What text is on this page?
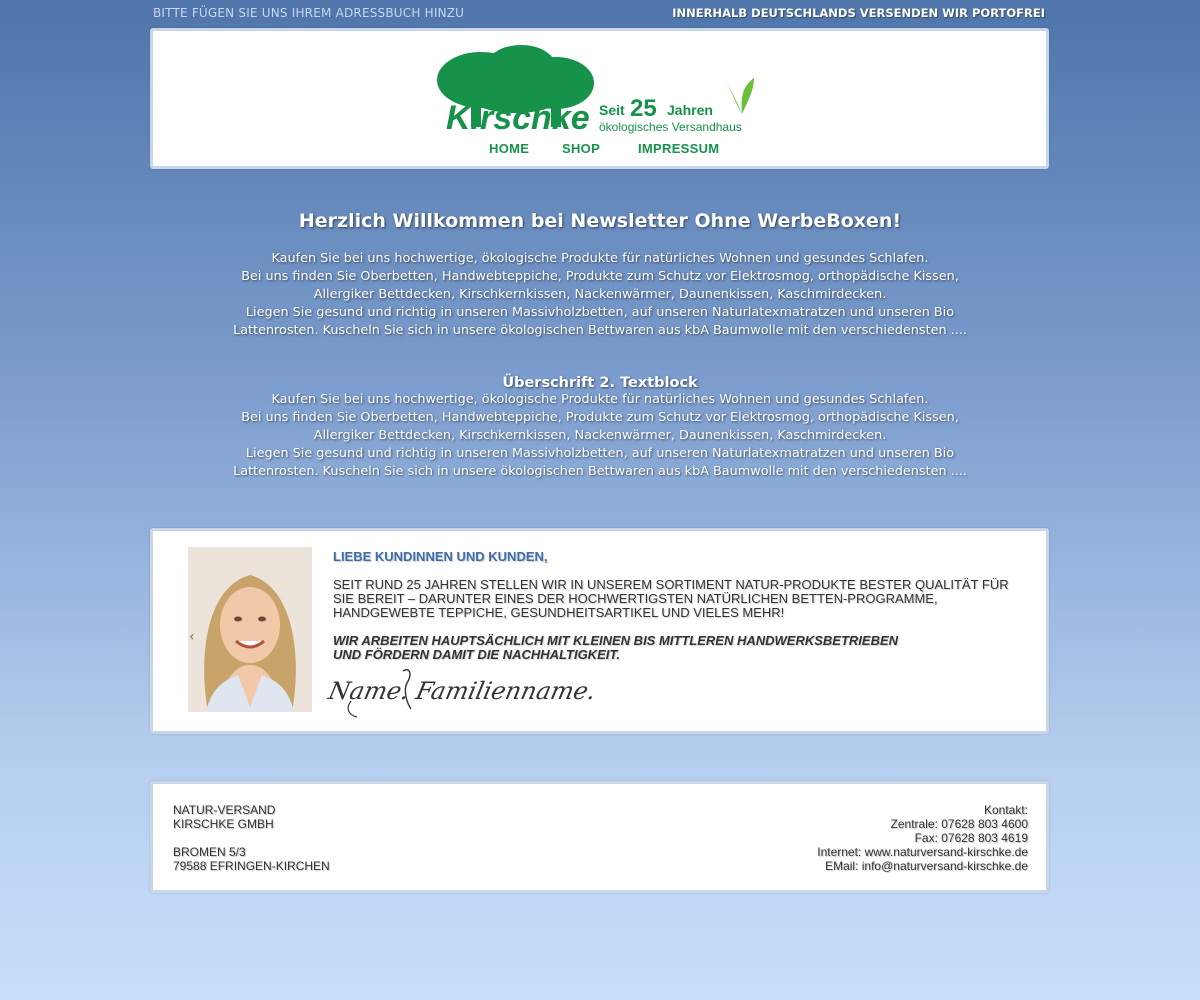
BITTE FÜGEN SIE UNS IHREM ADRESSBUCH HINZU	INNERHALB DEUTSCHLANDS VERSENDEN WIR PORTOFREI
Kirschke Seit 25 Jahren
ökologisches Versandhaus
HOME	SHOP	IMPRESSUM
Herzlich Willkommen bei Newsletter Ohne WerbeBoxen!

Kaufen Sie bei uns hochwertige, ökologische Produkte für natürliches Wohnen und gesundes Schlafen.

Bei uns finden Sie Oberbetten, Handwebteppiche, Produkte zum Schutz vor Elektrosmog, orthopädische Kissen,

Allergiker Bettdecken, Kirschkernkissen, Nackenwärmer, Daunenkissen, Kaschmirdecken.

Liegen Sie gesund und richtig in unseren Massivholzbetten, auf unseren Naturlatexmatratzen und unseren Bio

Lattenrosten. Kuscheln Sie sich in unsere ökologischen Bettwaren aus kbA Baumwolle mit den verschiedensten ....

Überschrift 2. Textblock

Kaufen Sie bei uns hochwertige, ökologische Produkte für natürliches Wohnen und gesundes Schlafen.

Bei uns finden Sie Oberbetten, Handwebteppiche, Produkte zum Schutz vor Elektrosmog, orthopädische Kissen,

Allergiker Bettdecken, Kirschkernkissen, Nackenwärmer, Daunenkissen, Kaschmirdecken.

Liegen Sie gesund und richtig in unseren Massivholzbetten, auf unseren Naturlatexmatratzen und unseren Bio

Lattenrosten. Kuscheln Sie sich in unsere ökologischen Bettwaren aus kbA Baumwolle mit den verschiedensten ....

‹
LIEBE KUNDINNEN UND KUNDEN,
SEIT RUND 25 JAHREN STELLEN WIR IN UNSEREM SORTIMENT NATUR-PRODUKTE BESTER QUALITÄT FÜR SIE BEREIT – DARUNTER EINES DER HOCHWERTIGSTEN NATÜRLICHEN BETTEN-PROGRAMME, HANDGEWEBTE TEPPICHE, GESUNDHEITSARTIKEL UND VIELES MEHR!
WIR ARBEITEN HAUPTSÄCHLICH MIT KLEINEN BIS MITTLEREN HANDWERKSBETRIEBEN UND FÖRDERN DAMIT DIE NACHHALTIGKEIT.
Name. Familienname.
NATUR-VERSAND
KIRSCHKE GMBH
BROMEN 5/3
79588 EFRINGEN-KIRCHEN
Kontakt:
Zentrale: 07628 803 4600
Fax: 07628 803 4619
Internet: www.naturversand-kirschke.de
EMail: info@naturversand-kirschke.de
